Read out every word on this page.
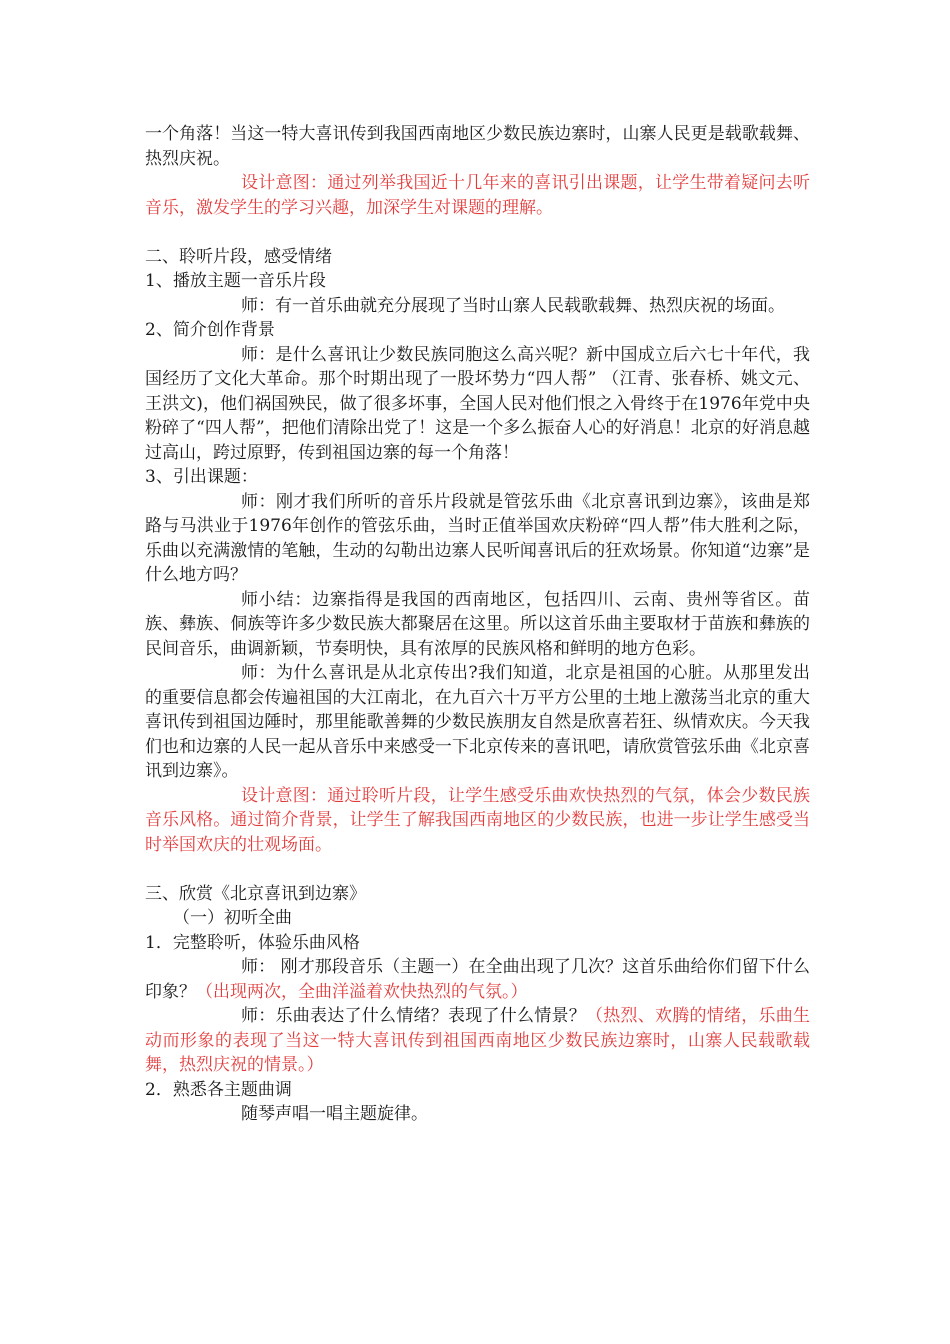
一个角落！当这一特大喜讯传到我国西南地区少数民族边寨时，山寨人民更是载歌载舞、热烈庆祝。

设计意图：通过列举我国近十几年来的喜讯引出课题，让学生带着疑问去听音乐，激发学生的学习兴趣，加深学生对课题的理解。

二、聆听片段，感受情绪

1、播放主题一音乐片段

师：有一首乐曲就充分展现了当时山寨人民载歌载舞、热烈庆祝的场面。

2、简介创作背景

师：是什么喜讯让少数民族同胞这么高兴呢？新中国成立后六七十年代，我国经历了文化大革命。那个时期出现了一股坏势力“四人帮” （江青、张春桥、姚文元、王洪文)，他们祸国殃民，做了很多坏事，全国人民对他们恨之入骨终于在1976年党中央粉碎了“四人帮”，把他们清除出党了！这是一个多么振奋人心的好消息！北京的好消息越过高山，跨过原野，传到祖国边寨的每一个角落！

3、引出课题：

师：刚才我们所听的音乐片段就是管弦乐曲《北京喜讯到边寨》，该曲是郑路与马洪业于1976年创作的管弦乐曲，当时正值举国欢庆粉碎“四人帮”伟大胜利之际，乐曲以充满激情的笔触，生动的勾勒出边寨人民听闻喜讯后的狂欢场景。你知道“边寨”是什么地方吗？

师小结：边寨指得是我国的西南地区，包括四川、云南、贵州等省区。苗族、彝族、侗族等许多少数民族大都聚居在这里。所以这首乐曲主要取材于苗族和彝族的民间音乐，曲调新颖，节奏明快，具有浓厚的民族风格和鲜明的地方色彩。

师：为什么喜讯是从北京传出?我们知道，北京是祖国的心脏。从那里发出的重要信息都会传遍祖国的大江南北，在九百六十万平方公里的土地上激荡当北京的重大喜讯传到祖国边陲时，那里能歌善舞的少数民族朋友自然是欣喜若狂、纵情欢庆。今天我们也和边寨的人民一起从音乐中来感受一下北京传来的喜讯吧，请欣赏管弦乐曲《北京喜讯到边寨》。

设计意图：通过聆听片段，让学生感受乐曲欢快热烈的气氛，体会少数民族音乐风格。通过简介背景，让学生了解我国西南地区的少数民族，也进一步让学生感受当时举国欢庆的壮观场面。

三、欣赏《北京喜讯到边寨》

（一）初听全曲

1．完整聆听，体验乐曲风格

师： 刚才那段音乐（主题一）在全曲出现了几次？这首乐曲给你们留下什么印象？（出现两次，全曲洋溢着欢快热烈的气氛。）

师：乐曲表达了什么情绪？表现了什么情景？（热烈、欢腾的情绪，乐曲生动而形象的表现了当这一特大喜讯传到祖国西南地区少数民族边寨时，山寨人民载歌载舞，热烈庆祝的情景。）

2．熟悉各主题曲调

随琴声唱一唱主题旋律。
